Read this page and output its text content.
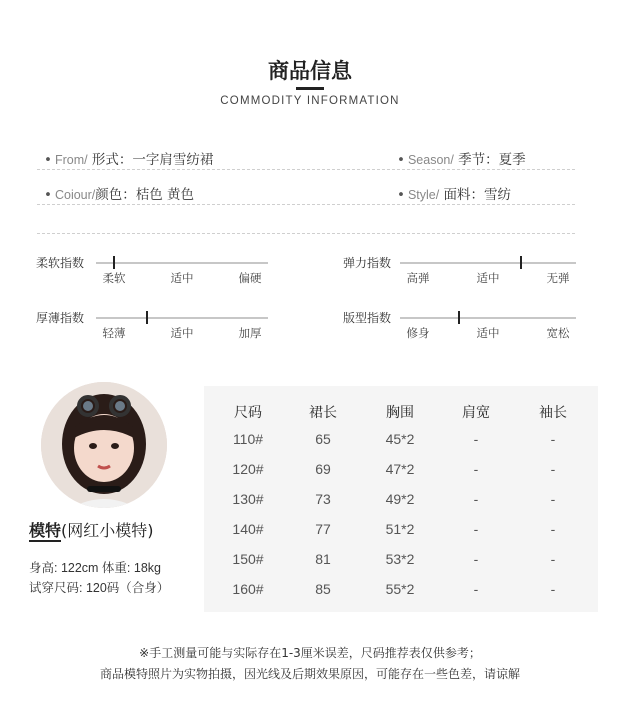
商品信息
COMMODITY INFORMATION
• From/ 形式：一字肩雪纺裙	• Season/ 季节：夏季
• Coiour/颜色：桔色 黄色	• Style/ 面料：雪纺
柔软指数
柔软	适中	偏硬
弹力指数
高弹	适中	无弹
厚薄指数
轻薄	适中	加厚
版型指数
修身	适中	宽松
模特(网红小模特)
身高: 122cm 体重: 18kg
试穿尺码: 120码（合身）
尺码	裙长	胸围	肩宽	袖长
110#	65	45*2	-	-
120#	69	47*2	-	-
130#	73	49*2	-	-
140#	77	51*2	-	-
150#	81	53*2	-	-
160#	85	55*2	-	-
※手工测量可能与实际存在1-3厘米误差，尺码推荐表仅供参考；
商品模特照片为实物拍摄，因光线及后期效果原因，可能存在一些色差，请谅解
